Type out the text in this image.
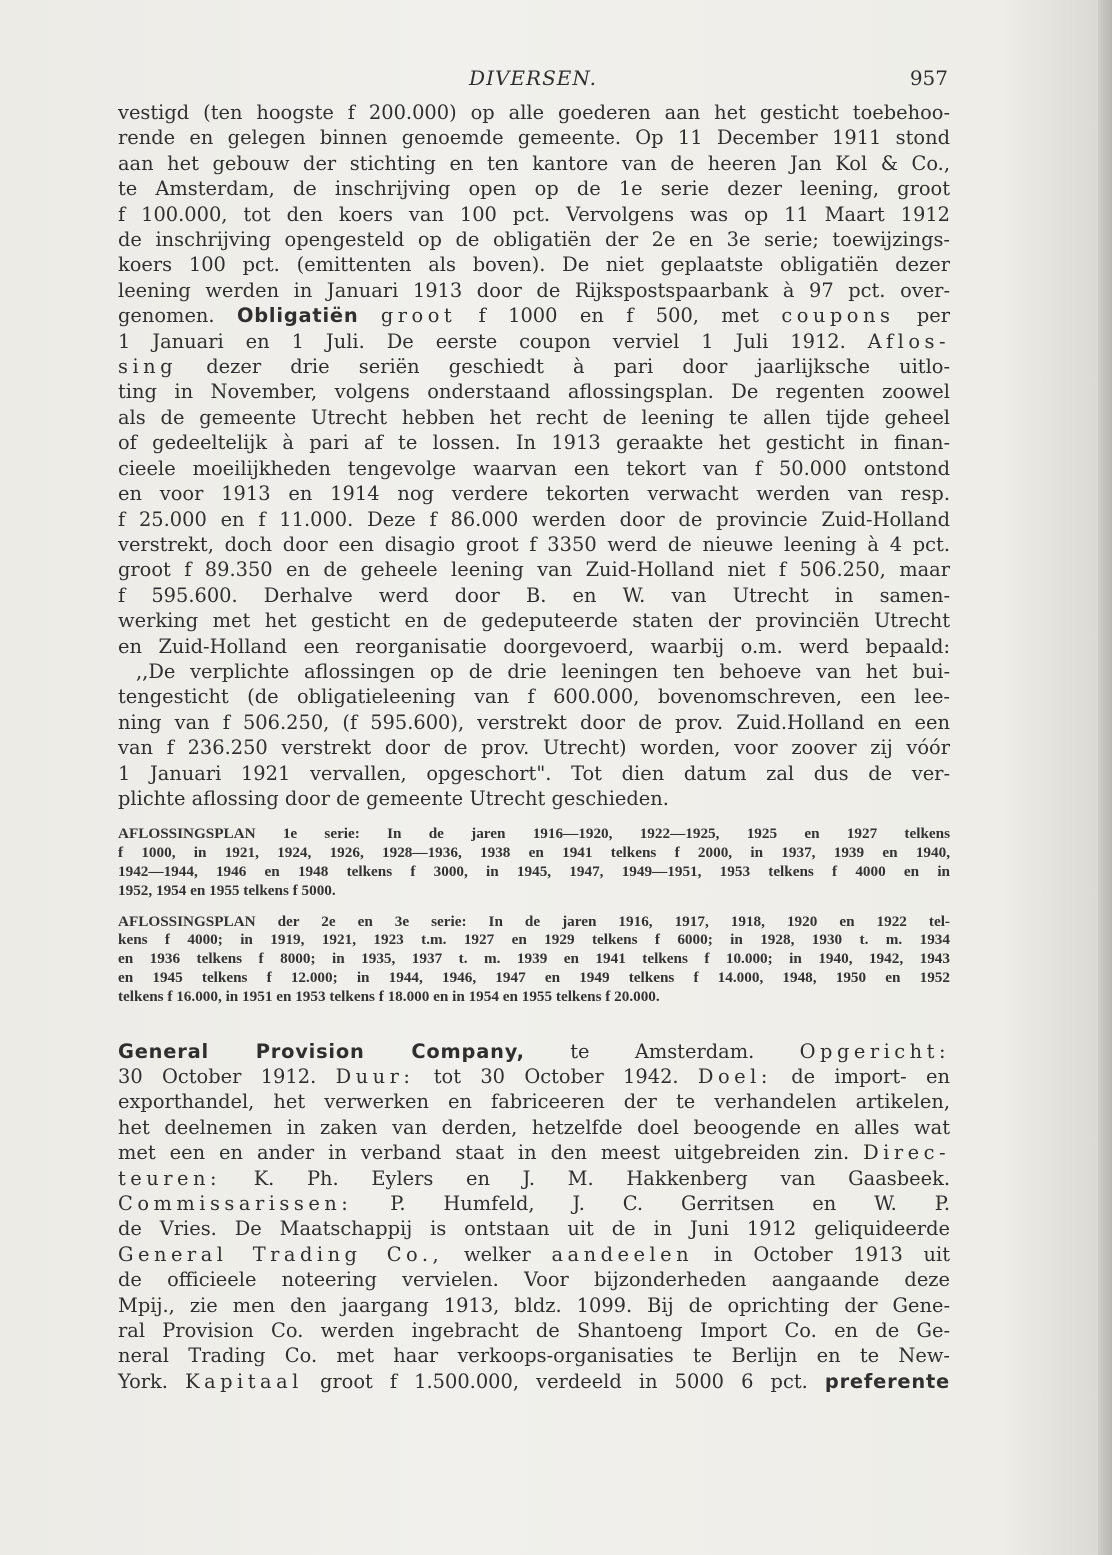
DIVERSEN.	957

vestigd (ten hoogste f 200.000) op alle goederen aan het gesticht toebehoo-

rende en gelegen binnen genoemde gemeente. Op 11 December 1911 stond

aan het gebouw der stichting en ten kantore van de heeren Jan Kol & Co.,

te Amsterdam, de inschrijving open op de 1e serie dezer leening, groot

f 100.000, tot den koers van 100 pct. Vervolgens was op 11 Maart 1912

de inschrijving opengesteld op de obligatiën der 2e en 3e serie; toewijzings-

koers 100 pct. (emittenten als boven). De niet geplaatste obligatiën dezer

leening werden in Januari 1913 door de Rijkspostspaarbank à 97 pct. over-

genomen. Obligatiën groot f 1000 en f 500, met coupons per

1 Januari en 1 Juli. De eerste coupon verviel 1 Juli 1912. Aflos-

sing dezer drie seriën geschiedt à pari door jaarlijksche uitlo-

ting in November, volgens onderstaand aflossingsplan. De regenten zoowel

als de gemeente Utrecht hebben het recht de leening te allen tijde geheel

of gedeeltelijk à pari af te lossen. In 1913 geraakte het gesticht in finan-

cieele moeilijkheden tengevolge waarvan een tekort van f 50.000 ontstond

en voor 1913 en 1914 nog verdere tekorten verwacht werden van resp.

f 25.000 en f 11.000. Deze f 86.000 werden door de provincie Zuid-Holland

verstrekt, doch door een disagio groot f 3350 werd de nieuwe leening à 4 pct.

groot f 89.350 en de geheele leening van Zuid-Holland niet f 506.250, maar

f 595.600. Derhalve werd door B. en W. van Utrecht in samen-

werking met het gesticht en de gedeputeerde staten der provinciën Utrecht

en Zuid-Holland een reorganisatie doorgevoerd, waarbij o.m. werd bepaald:

,,De verplichte aflossingen op de drie leeningen ten behoeve van het bui-

tengesticht (de obligatieleening van f 600.000, bovenomschreven, een lee-

ning van f 506.250, (f 595.600), verstrekt door de prov. Zuid.Holland en een

van f 236.250 verstrekt door de prov. Utrecht) worden, voor zoover zij vóór

1 Januari 1921 vervallen, opgeschort". Tot dien datum zal dus de ver-

plichte aflossing door de gemeente Utrecht geschieden.

AFLOSSINGSPLAN 1e serie: In de jaren 1916—1920, 1922—1925, 1925 en 1927 telkens

f 1000, in 1921, 1924, 1926, 1928—1936, 1938 en 1941 telkens f 2000, in 1937, 1939 en 1940,

1942—1944, 1946 en 1948 telkens f 3000, in 1945, 1947, 1949—1951, 1953 telkens f 4000 en in

1952, 1954 en 1955 telkens f 5000.

AFLOSSINGSPLAN der 2e en 3e serie: In de jaren 1916, 1917, 1918, 1920 en 1922 tel-

kens f 4000; in 1919, 1921, 1923 t.m. 1927 en 1929 telkens f 6000; in 1928, 1930 t. m. 1934

en 1936 telkens f 8000; in 1935, 1937 t. m. 1939 en 1941 telkens f 10.000; in 1940, 1942, 1943

en 1945 telkens f 12.000; in 1944, 1946, 1947 en 1949 telkens f 14.000, 1948, 1950 en 1952

telkens f 16.000, in 1951 en 1953 telkens f 18.000 en in 1954 en 1955 telkens f 20.000.

General Provision Company, te Amsterdam. Opgericht:

30 October 1912. Duur: tot 30 October 1942. Doel: de import- en

exporthandel, het verwerken en fabriceeren der te verhandelen artikelen,

het deelnemen in zaken van derden, hetzelfde doel beoogende en alles wat

met een en ander in verband staat in den meest uitgebreiden zin. Direc-

teuren: K. Ph. Eylers en J. M. Hakkenberg van Gaasbeek.

Commissarissen: P. Humfeld, J. C. Gerritsen en W. P.

de Vries. De Maatschappij is ontstaan uit de in Juni 1912 geliquideerde

General Trading Co., welker aandeelen in October 1913 uit

de officieele noteering vervielen. Voor bijzonderheden aangaande deze

Mpij., zie men den jaargang 1913, bldz. 1099. Bij de oprichting der Gene-

ral Provision Co. werden ingebracht de Shantoeng Import Co. en de Ge-

neral Trading Co. met haar verkoops-organisaties te Berlijn en te New-

York. Kapitaal groot f 1.500.000, verdeeld in 5000 6 pct. preferente
